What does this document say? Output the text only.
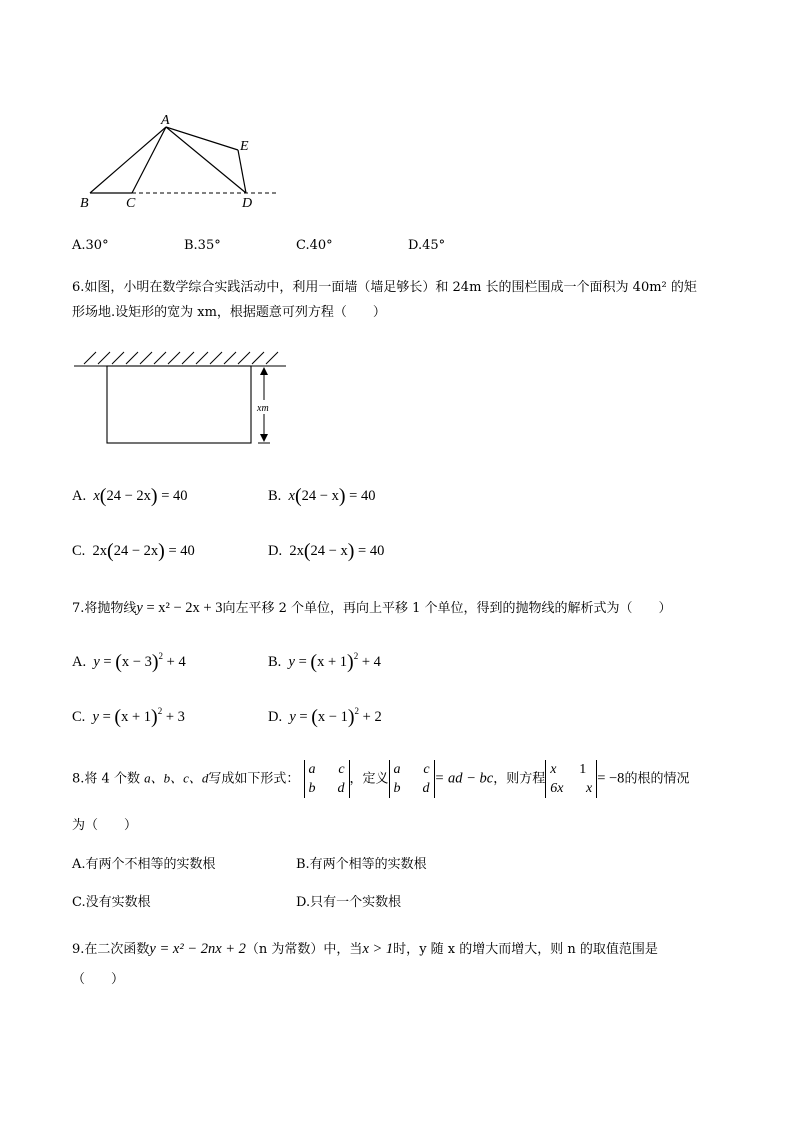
A
B	C	D
E
A.30°	B.35°	C.40°	D.45°
6.如图，小明在数学综合实践活动中，利用一面墙（墙足够长）和 24m 长的围栏围成一个面积为 40m² 的矩
形场地.设矩形的宽为 xm，根据题意可列方程（　　）
xm
A. x(24 − 2x) = 40	B. x(24 − x) = 40
C. 2x(24 − 2x) = 40	D. 2x(24 − x) = 40
7.将抛物线y = x² − 2x + 3向左平移 2 个单位，再向上平移 1 个单位，得到的抛物线的解析式为（　　）
A. $y = (x - 3)^2 + 4$	B. $y = (x + 1)^2 + 4$
C. $y = (x + 1)^2 + 3$	D. $y = (x - 1)^2 + 2$
8.将 4 个数 a、b、c、d写成如下形式： a c
b d，定义a c
b d= ad − bc，则方程x 1
6x x= −8的根的情况
为（　　）
A.有两个不相等的实数根	B.有两个相等的实数根
C.没有实数根	D.只有一个实数根
9.在二次函数y = x² − 2nx + 2（n 为常数）中，当x > 1时，y 随 x 的增大而增大，则 n 的取值范围是
（　　）
